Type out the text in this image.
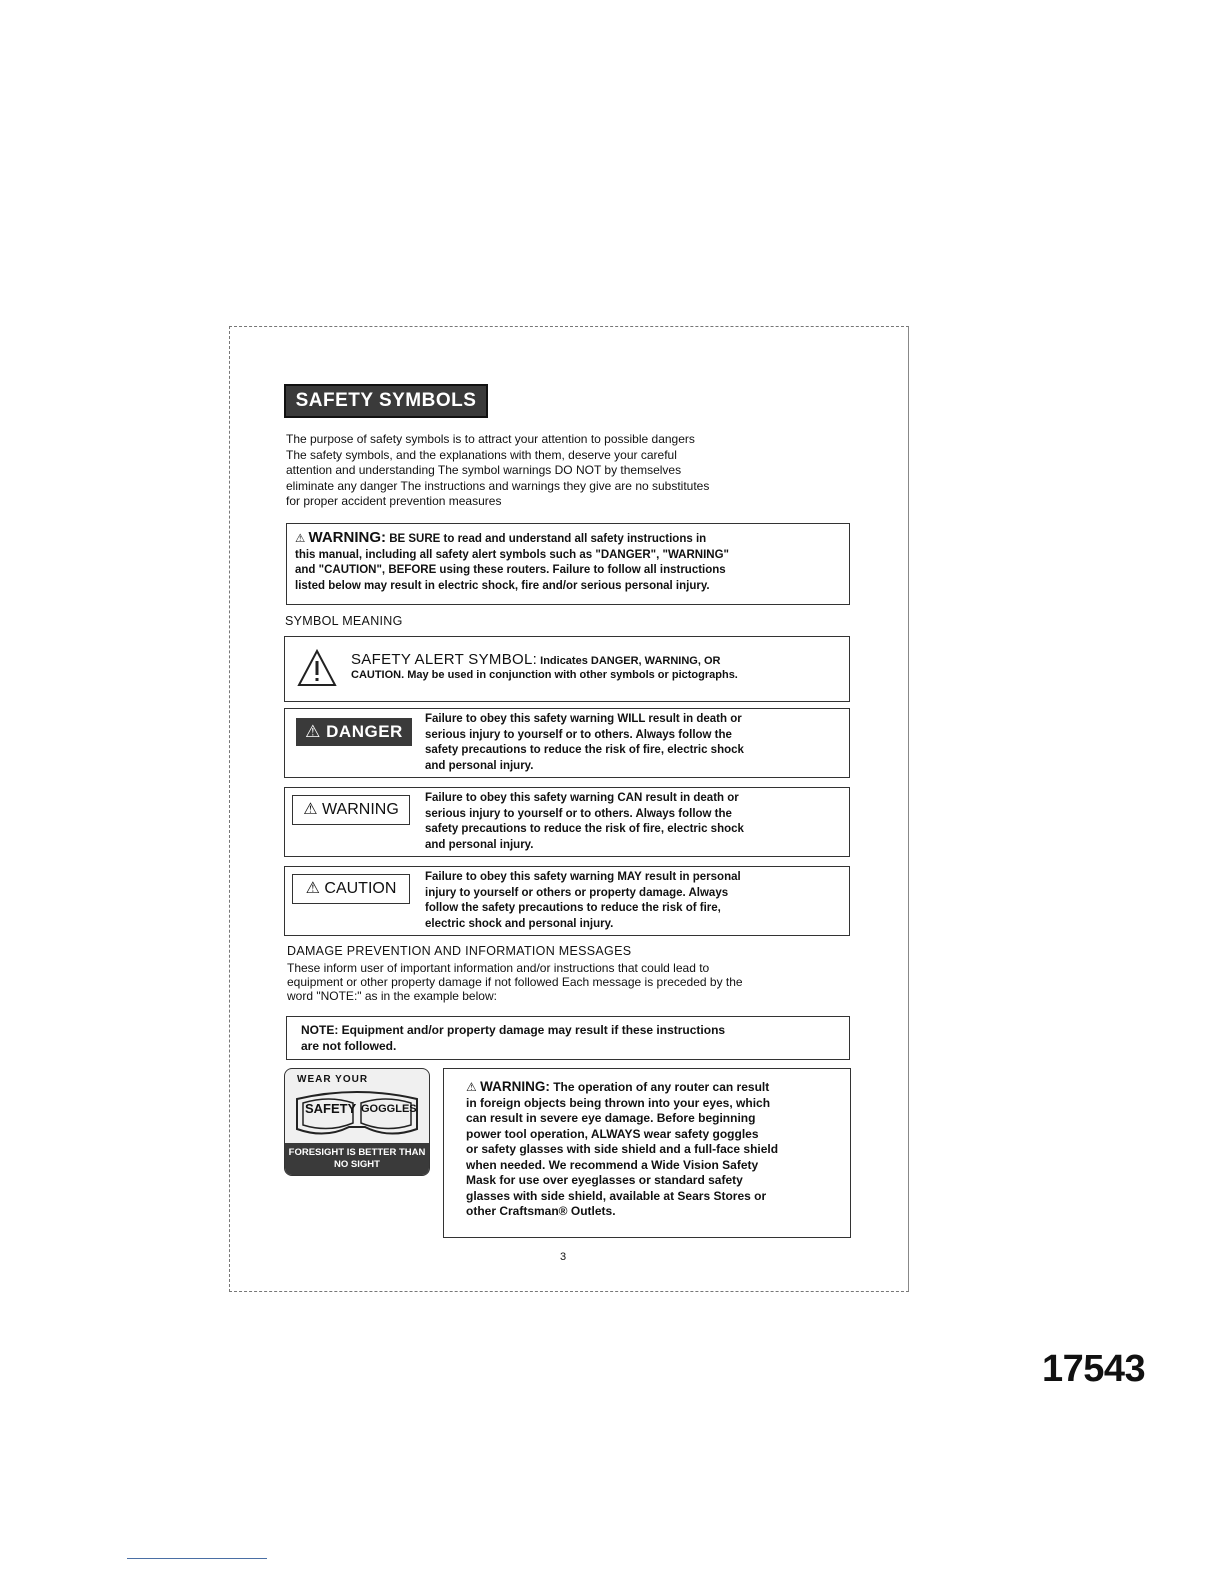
SAFETY SYMBOLS
The purpose of safety symbols is to attract your attention to possible dangers
The safety symbols, and the explanations with them, deserve your careful
attention and understanding The symbol warnings DO NOT by themselves
eliminate any danger The instructions and warnings they give are no substitutes
for proper accident prevention measures
⚠ WARNING: BE SURE to read and understand all safety instructions in
this manual, including all safety alert symbols such as "DANGER", "WARNING"
and "CAUTION", BEFORE using these routers. Failure to follow all instructions
listed below may result in electric shock, fire and/or serious personal injury.
SYMBOL MEANING
SAFETY ALERT SYMBOL: Indicates DANGER, WARNING, OR
CAUTION. May be used in conjunction with other symbols or pictographs.
⚠ DANGER
Failure to obey this safety warning WILL result in death or
serious injury to yourself or to others. Always follow the
safety precautions to reduce the risk of fire, electric shock
and personal injury.
⚠ WARNING
Failure to obey this safety warning CAN result in death or
serious injury to yourself or to others. Always follow the
safety precautions to reduce the risk of fire, electric shock
and personal injury.
⚠ CAUTION
Failure to obey this safety warning MAY result in personal
injury to yourself or others or property damage. Always
follow the safety precautions to reduce the risk of fire,
electric shock and personal injury.
DAMAGE PREVENTION AND INFORMATION MESSAGES
These inform user of important information and/or instructions that could lead to
equipment or other property damage if not followed Each message is preceded by the
word "NOTE:" as in the example below:
NOTE: Equipment and/or property damage may result if these instructions
are not followed.
WEAR YOUR
SAFETY GOGGLES
FORESIGHT IS BETTER THAN
NO SIGHT
⚠ WARNING: The operation of any router can result
in foreign objects being thrown into your eyes, which
can result in severe eye damage. Before beginning
power tool operation, ALWAYS wear safety goggles
or safety glasses with side shield and a full-face shield
when needed. We recommend a Wide Vision Safety
Mask for use over eyeglasses or standard safety
glasses with side shield, available at Sears Stores or
other Craftsman® Outlets.
3
17543
